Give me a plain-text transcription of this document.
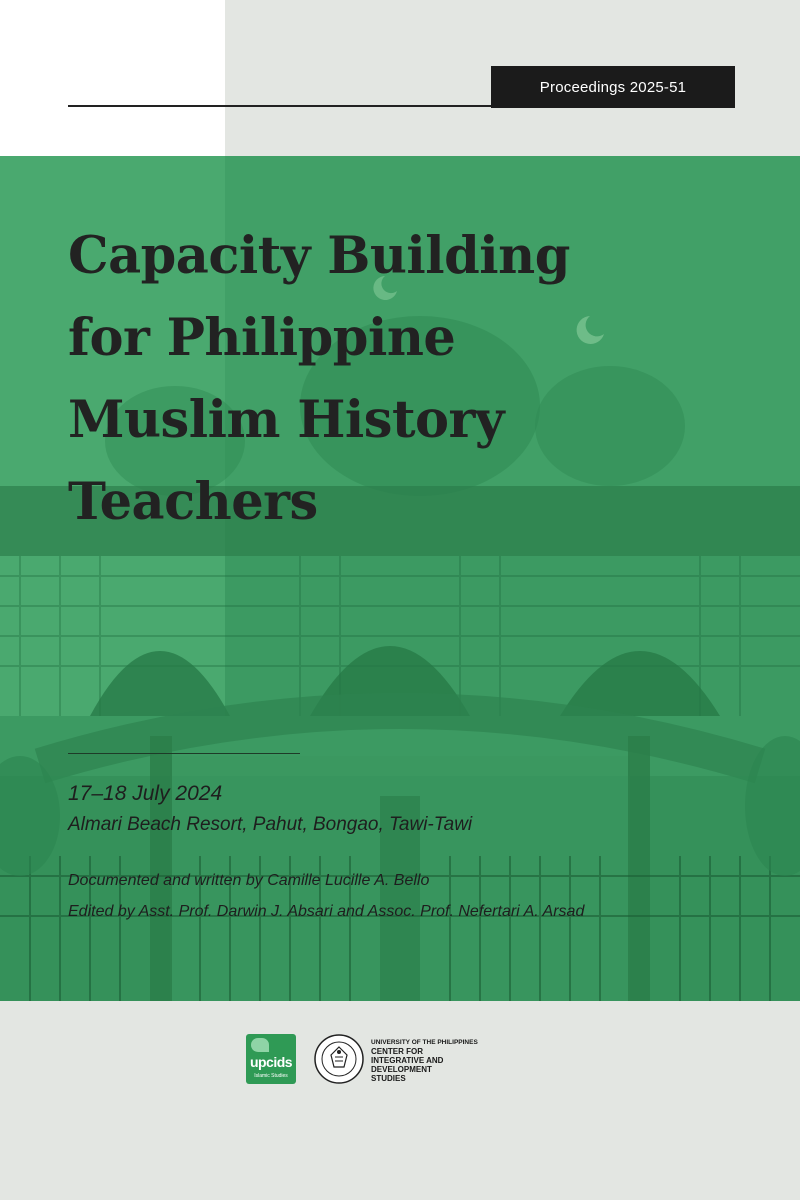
Proceedings 2025-51
Capacity Building
for Philippine
Muslim History
Teachers
17–18 July 2024
Almari Beach Resort, Pahut, Bongao, Tawi-Tawi
Documented and written by Camille Lucille A. Bello
Edited by Asst. Prof. Darwin J. Absari and Assoc. Prof. Nefertari A. Arsad
upcids
Islamic Studies
UNIVERSITY OF THE PHILIPPINES
CENTER FOR
INTEGRATIVE AND
DEVELOPMENT
STUDIES
